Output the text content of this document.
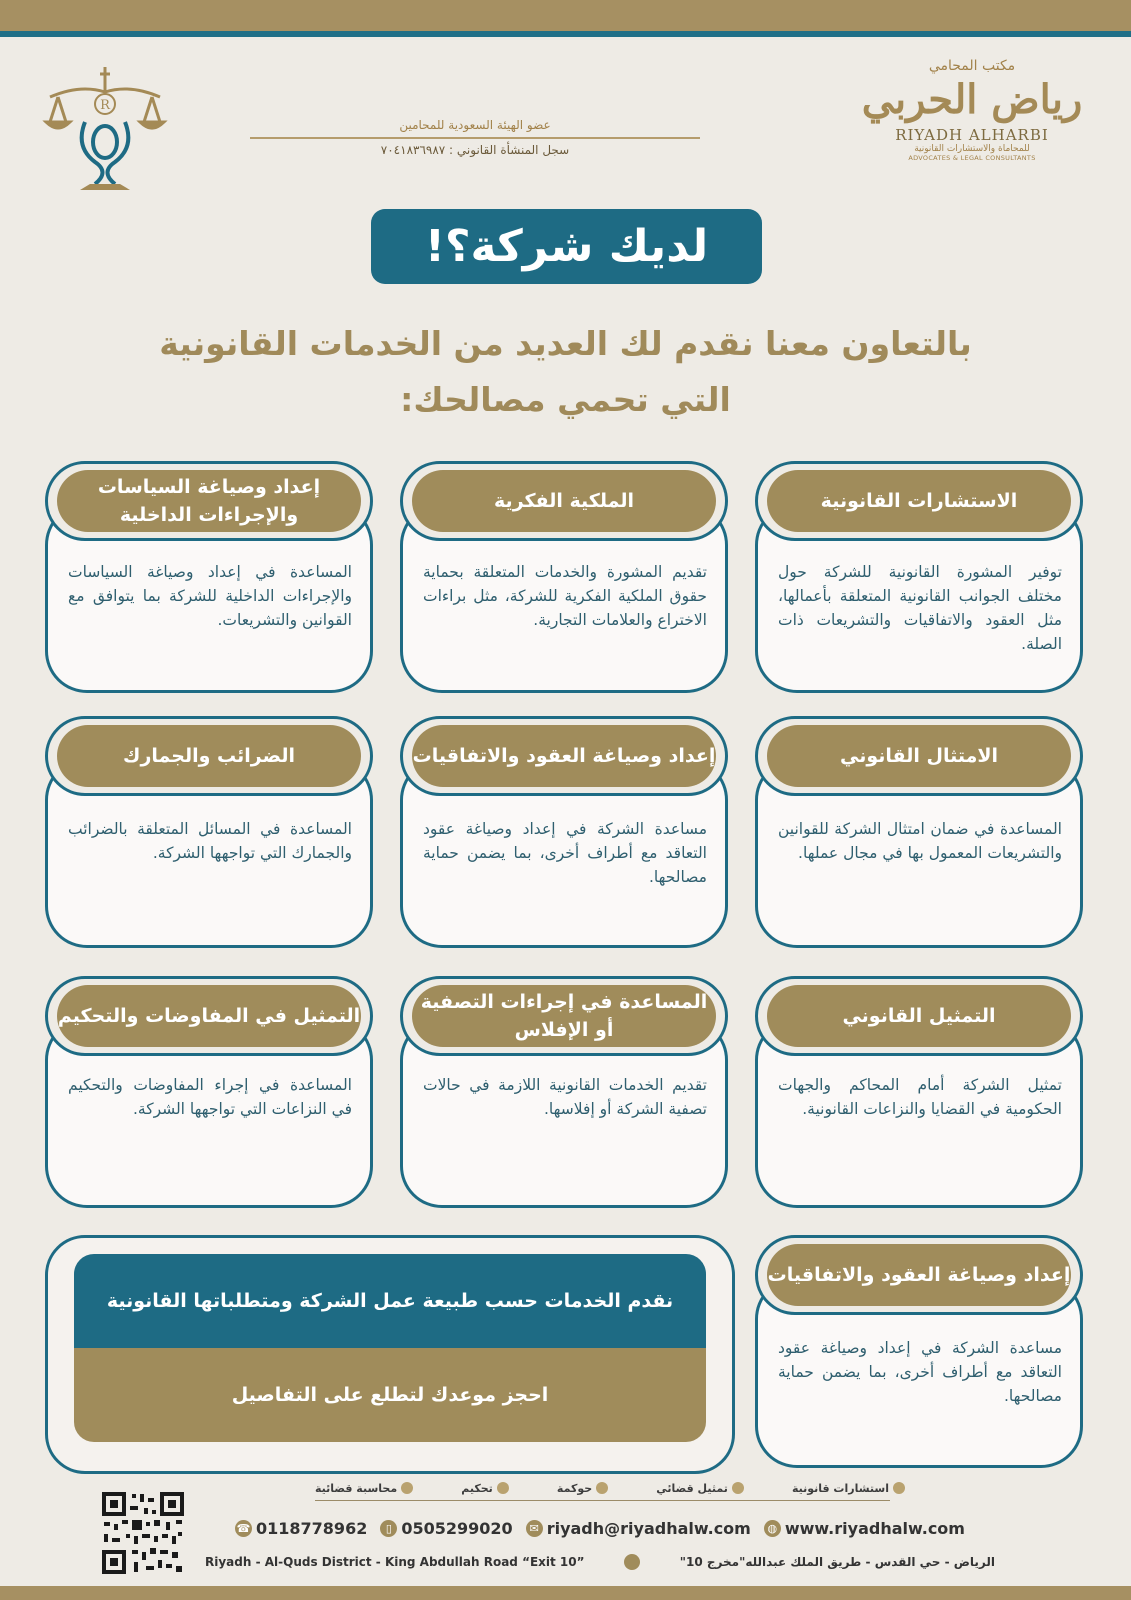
مكتب المحامي
رياض الحربي
RIYADH ALHARBI
للمحاماة والاستشارات القانونية
ADVOCATES & LEGAL CONSULTANTS
عضو الهيئة السعودية للمحامين
سجل المنشأة القانوني : ٧٠٤١٨٣٦٩٨٧
R
لديك شركة؟!
بالتعاون معنا نقدم لك العديد من الخدمات القانونية
التي تحمي مصالحك:
توفير المشورة القانونية للشركة حول مختلف الجوانب القانونية المتعلقة بأعمالها، مثل العقود والاتفاقيات والتشريعات ذات الصلة.
الاستشارات القانونية
تقديم المشورة والخدمات المتعلقة بحماية حقوق الملكية الفكرية للشركة، مثل براءات الاختراع والعلامات التجارية.
الملكية الفكرية
المساعدة في إعداد وصياغة السياسات والإجراءات الداخلية للشركة بما يتوافق مع القوانين والتشريعات.
إعداد وصياغة السياسات والإجراءات الداخلية
المساعدة في ضمان امتثال الشركة للقوانين والتشريعات المعمول بها في مجال عملها.
الامتثال القانوني
مساعدة الشركة في إعداد وصياغة عقود التعاقد مع أطراف أخرى، بما يضمن حماية مصالحها.
إعداد وصياغة العقود والاتفاقيات
المساعدة في المسائل المتعلقة بالضرائب والجمارك التي تواجهها الشركة.
الضرائب والجمارك
تمثيل الشركة أمام المحاكم والجهات الحكومية في القضايا والنزاعات القانونية.
التمثيل القانوني
تقديم الخدمات القانونية اللازمة في حالات تصفية الشركة أو إفلاسها.
المساعدة في إجراءات التصفية أو الإفلاس
المساعدة في إجراء المفاوضات والتحكيم في النزاعات التي تواجهها الشركة.
التمثيل في المفاوضات والتحكيم
مساعدة الشركة في إعداد وصياغة عقود التعاقد مع أطراف أخرى، بما يضمن حماية مصالحها.
إعداد وصياغة العقود والاتفاقيات
نقدم الخدمات حسب طبيعة عمل الشركة ومتطلباتها القانونية
احجز موعدك لتطلع على التفاصيل
استشارات قانونية
تمثيل قضائي
حوكمة
تحكيم
محاسبة قضائية
☎ 0118778962	▯ 0505299020	✉ riyadh@riyadhalw.com	◍ www.riyadhalw.com
Riyadh - Al-Quds District - King Abdullah Road “Exit 10”	الرياض - حي القدس - طريق الملك عبدالله"مخرج 10"
